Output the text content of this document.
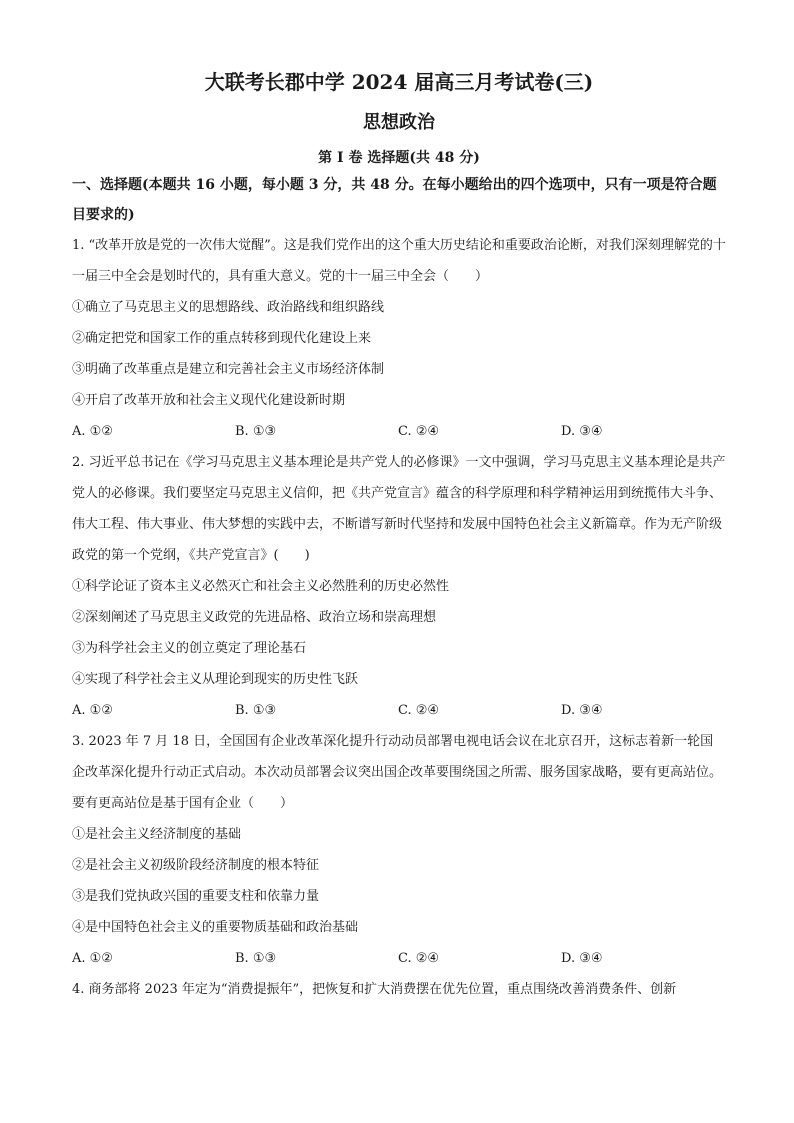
大联考长郡中学 2024 届高三月考试卷(三)
思想政治
第 I 卷 选择题(共 48 分)
一、选择题(本题共 16 小题，每小题 3 分，共 48 分。在每小题给出的四个选项中，只有一项是符合题目要求的)

1. “改革开放是党的一次伟大觉醒”。这是我们党作出的这个重大历史结论和重要政治论断，对我们深刻理解党的十一届三中全会是划时代的，具有重大意义。党的十一届三中全会（　　）

①确立了马克思主义的思想路线、政治路线和组织路线

②确定把党和国家工作的重点转移到现代化建设上来

③明确了改革重点是建立和完善社会主义市场经济体制

④开启了改革开放和社会主义现代化建设新时期

A. ①②	B. ①③	C. ②④	D. ③④

2. 习近平总书记在《学习马克思主义基本理论是共产党人的必修课》一文中强调，学习马克思主义基本理论是共产党人的必修课。我们要坚定马克思主义信仰，把《共产党宣言》蕴含的科学原理和科学精神运用到统揽伟大斗争、伟大工程、伟大事业、伟大梦想的实践中去，不断谱写新时代坚持和发展中国特色社会主义新篇章。作为无产阶级政党的第一个党纲，《共产党宣言》(　　)

①科学论证了资本主义必然灭亡和社会主义必然胜利的历史必然性

②深刻阐述了马克思主义政党的先进品格、政治立场和崇高理想

③为科学社会主义的创立奠定了理论基石

④实现了科学社会主义从理论到现实的历史性飞跃

A. ①②	B. ①③	C. ②④	D. ③④

3. 2023 年 7 月 18 日，全国国有企业改革深化提升行动动员部署电视电话会议在北京召开，这标志着新一轮国企改革深化提升行动正式启动。本次动员部署会议突出国企改革要围绕国之所需、服务国家战略，要有更高站位。要有更高站位是基于国有企业（　　）

①是社会主义经济制度的基础

②是社会主义初级阶段经济制度的根本特征

③是我们党执政兴国的重要支柱和依靠力量

④是中国特色社会主义的重要物质基础和政治基础

A. ①②	B. ①③	C. ②④	D. ③④

4. 商务部将 2023 年定为“消费提振年”，把恢复和扩大消费摆在优先位置，重点围绕改善消费条件、创新
